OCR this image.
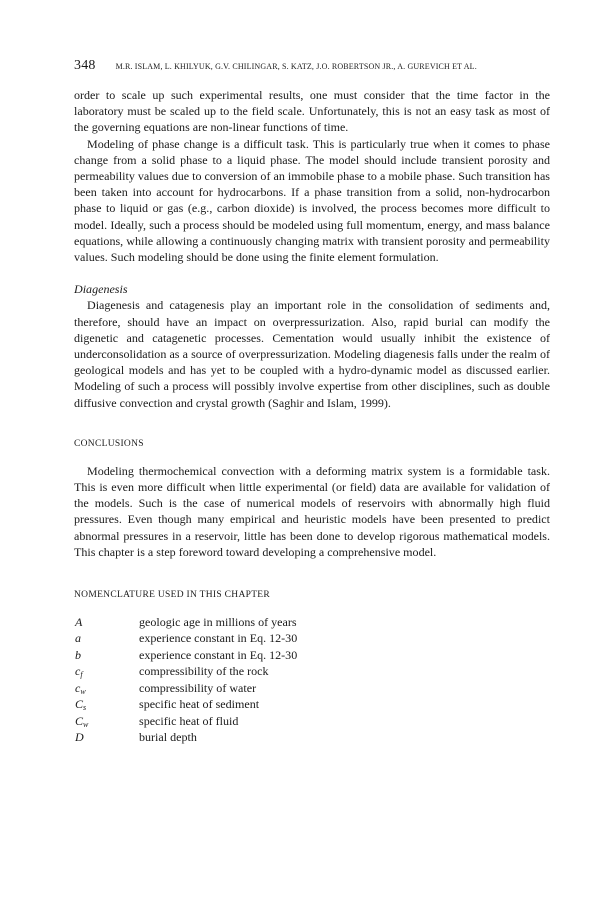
348	M.R. ISLAM, L. KHILYUK, G.V. CHILINGAR, S. KATZ, J.O. ROBERTSON JR., A. GUREVICH ET AL.

order to scale up such experimental results, one must consider that the time factor in the laboratory must be scaled up to the field scale. Unfortunately, this is not an easy task as most of the governing equations are non-linear functions of time.

Modeling of phase change is a difficult task. This is particularly true when it comes to phase change from a solid phase to a liquid phase. The model should include transient porosity and permeability values due to conversion of an immobile phase to a mobile phase. Such transition has been taken into account for hydrocarbons. If a phase transition from a solid, non-hydrocarbon phase to liquid or gas (e.g., carbon dioxide) is involved, the process becomes more difficult to model. Ideally, such a process should be modeled using full momentum, energy, and mass balance equations, while allowing a continuously changing matrix with transient porosity and permeability values. Such modeling should be done using the finite element formulation.

Diagenesis

Diagenesis and catagenesis play an important role in the consolidation of sediments and, therefore, should have an impact on overpressurization. Also, rapid burial can modify the digenetic and catagenetic processes. Cementation would usually inhibit the existence of underconsolidation as a source of overpressurization. Modeling diagenesis falls under the realm of geological models and has yet to be coupled with a hydro-dynamic model as discussed earlier. Modeling of such a process will possibly involve expertise from other disciplines, such as double diffusive convection and crystal growth (Saghir and Islam, 1999).

CONCLUSIONS

Modeling thermochemical convection with a deforming matrix system is a formidable task. This is even more difficult when little experimental (or field) data are available for validation of the models. Such is the case of numerical models of reservoirs with abnormally high fluid pressures. Even though many empirical and heuristic models have been presented to predict abnormal pressures in a reservoir, little has been done to develop rigorous mathematical models. This chapter is a step foreword toward developing a comprehensive model.

NOMENCLATURE USED IN THIS CHAPTER
A	geologic age in millions of years
a	experience constant in Eq. 12-30
b	experience constant in Eq. 12-30
$c_f$	compressibility of the rock
$c_w$	compressibility of water
$C_s$	specific heat of sediment
$C_w$	specific heat of fluid
D	burial depth
